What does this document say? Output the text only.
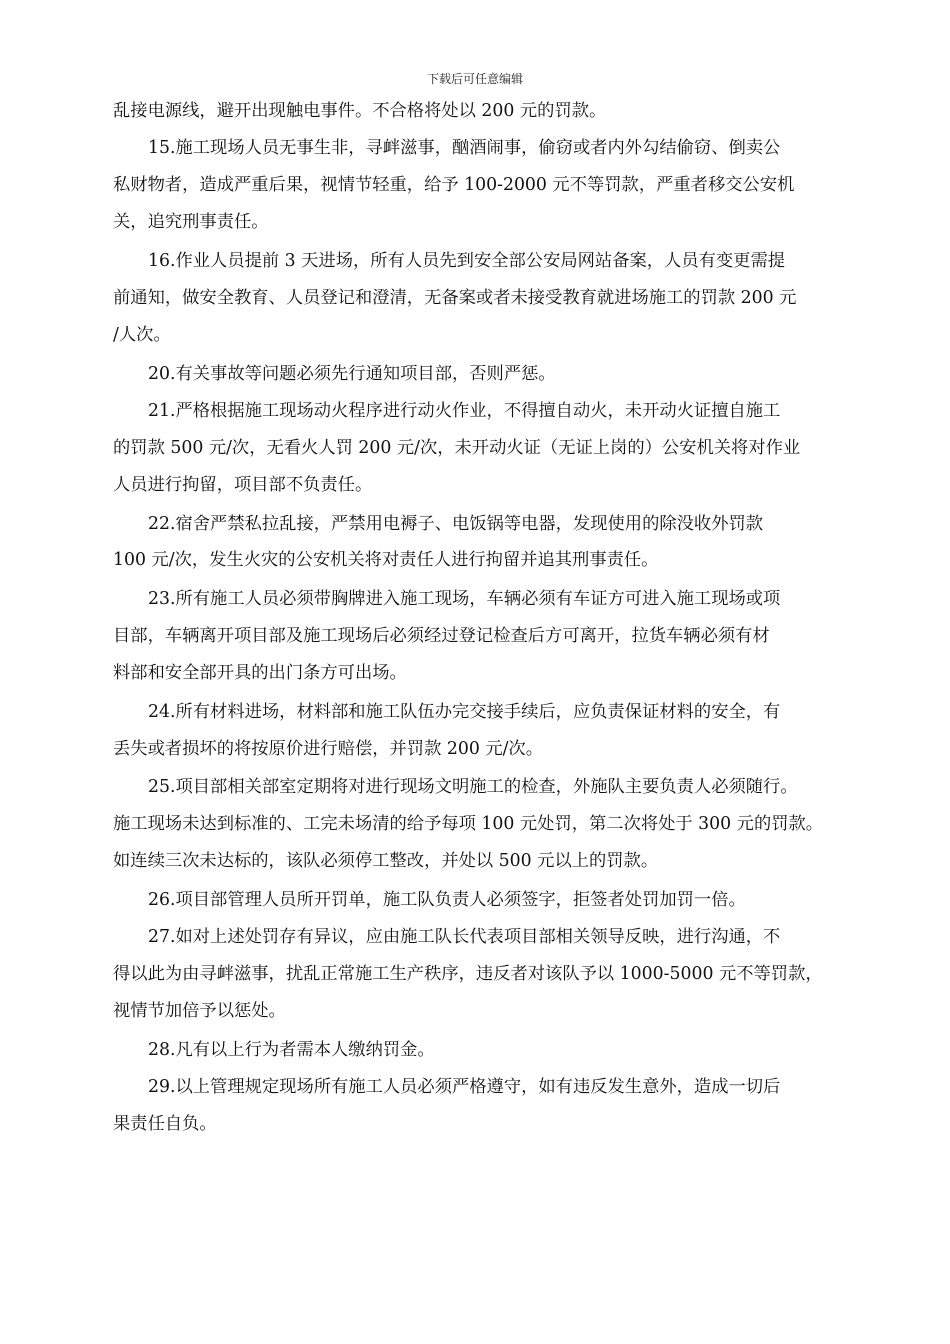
下载后可任意编辑
乱接电源线，避开出现触电事件。不合格将处以 200 元的罚款。
15.施工现场人员无事生非，寻衅滋事，酗酒闹事，偷窃或者内外勾结偷窃、倒卖公
私财物者，造成严重后果，视情节轻重，给予 100-2000 元不等罚款，严重者移交公安机
关，追究刑事责任。
16.作业人员提前 3 天进场，所有人员先到安全部公安局网站备案，人员有变更需提
前通知，做安全教育、人员登记和澄清，无备案或者未接受教育就进场施工的罚款 200 元
/人次。
20.有关事故等问题必须先行通知项目部，否则严惩。
21.严格根据施工现场动火程序进行动火作业，不得擅自动火，未开动火证擅自施工
的罚款 500 元/次，无看火人罚 200 元/次，未开动火证（无证上岗的）公安机关将对作业
人员进行拘留，项目部不负责任。
22.宿舍严禁私拉乱接，严禁用电褥子、电饭锅等电器，发现使用的除没收外罚款
100 元/次，发生火灾的公安机关将对责任人进行拘留并追其刑事责任。
23.所有施工人员必须带胸牌进入施工现场，车辆必须有车证方可进入施工现场或项
目部，车辆离开项目部及施工现场后必须经过登记检查后方可离开，拉货车辆必须有材
料部和安全部开具的出门条方可出场。
24.所有材料进场，材料部和施工队伍办完交接手续后，应负责保证材料的安全，有
丢失或者损坏的将按原价进行赔偿，并罚款 200 元/次。
25.项目部相关部室定期将对进行现场文明施工的检查，外施队主要负责人必须随行。
施工现场未达到标准的、工完未场清的给予每项 100 元处罚，第二次将处于 300 元的罚款。
如连续三次未达标的，该队必须停工整改，并处以 500 元以上的罚款。
26.项目部管理人员所开罚单，施工队负责人必须签字，拒签者处罚加罚一倍。
27.如对上述处罚存有异议，应由施工队长代表项目部相关领导反映，进行沟通，不
得以此为由寻衅滋事，扰乱正常施工生产秩序，违反者对该队予以 1000-5000 元不等罚款，
视情节加倍予以惩处。
28.凡有以上行为者需本人缴纳罚金。
29.以上管理规定现场所有施工人员必须严格遵守，如有违反发生意外，造成一切后
果责任自负。
